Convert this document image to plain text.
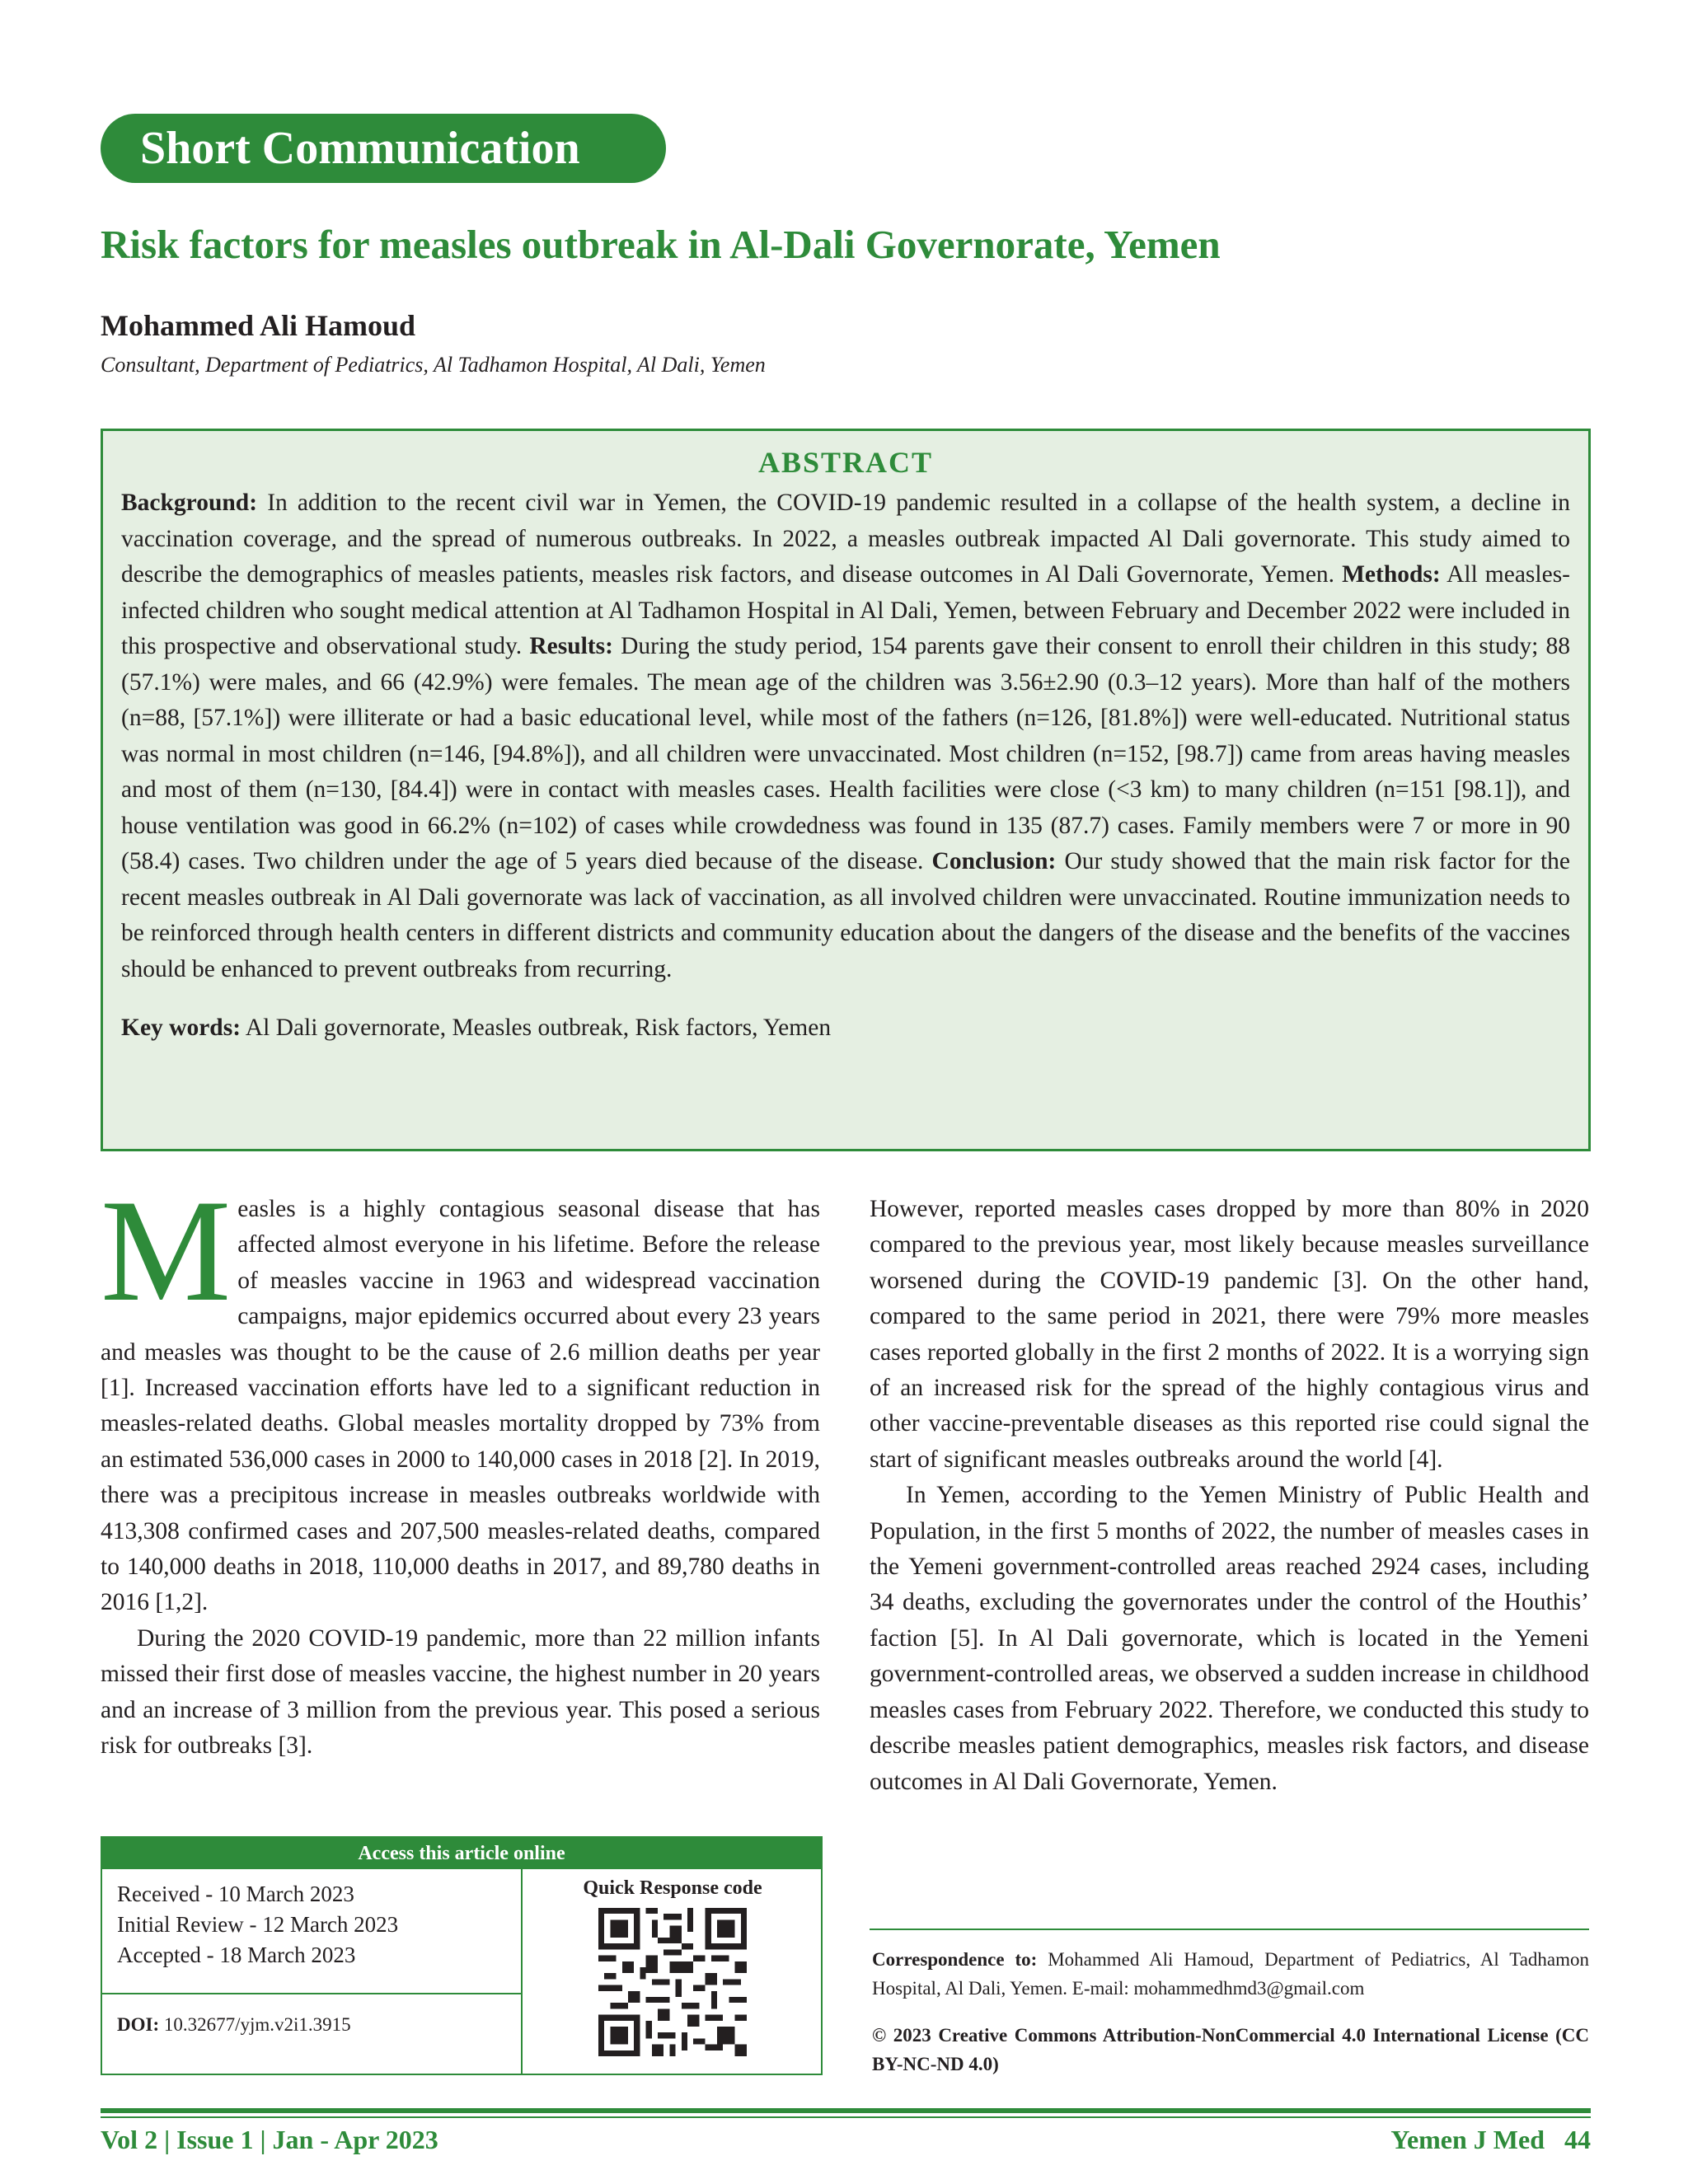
Short Communication
Risk factors for measles outbreak in Al-Dali Governorate, Yemen
Mohammed Ali Hamoud
Consultant, Department of Pediatrics, Al Tadhamon Hospital, Al Dali, Yemen
ABSTRACT
Background: In addition to the recent civil war in Yemen, the COVID-19 pandemic resulted in a collapse of the health system, a decline in vaccination coverage, and the spread of numerous outbreaks. In 2022, a measles outbreak impacted Al Dali governorate. This study aimed to describe the demographics of measles patients, measles risk factors, and disease outcomes in Al Dali Governorate, Yemen. Methods: All measles-infected children who sought medical attention at Al Tadhamon Hospital in Al Dali, Yemen, between February and December 2022 were included in this prospective and observational study. Results: During the study period, 154 parents gave their consent to enroll their children in this study; 88 (57.1%) were males, and 66 (42.9%) were females. The mean age of the children was 3.56±2.90 (0.3–12 years). More than half of the mothers (n=88, [57.1%]) were illiterate or had a basic educational level, while most of the fathers (n=126, [81.8%]) were well-educated. Nutritional status was normal in most children (n=146, [94.8%]), and all children were unvaccinated. Most children (n=152, [98.7]) came from areas having measles and most of them (n=130, [84.4]) were in contact with measles cases. Health facilities were close (<3 km) to many children (n=151 [98.1]), and house ventilation was good in 66.2% (n=102) of cases while crowdedness was found in 135 (87.7) cases. Family members were 7 or more in 90 (58.4) cases. Two children under the age of 5 years died because of the disease. Conclusion: Our study showed that the main risk factor for the recent measles outbreak in Al Dali governorate was lack of vaccination, as all involved children were unvaccinated. Routine immunization needs to be reinforced through health centers in different districts and community education about the dangers of the disease and the benefits of the vaccines should be enhanced to prevent outbreaks from recurring.
Key words: Al Dali governorate, Measles outbreak, Risk factors, Yemen

Measles is a highly contagious seasonal disease that has affected almost everyone in his lifetime. Before the release of measles vaccine in 1963 and widespread vaccination campaigns, major epidemics occurred about every 23 years and measles was thought to be the cause of 2.6 million deaths per year [1]. Increased vaccination efforts have led to a significant reduction in measles-related deaths. Global measles mortality dropped by 73% from an estimated 536,000 cases in 2000 to 140,000 cases in 2018 [2]. In 2019, there was a precipitous increase in measles outbreaks worldwide with 413,308 confirmed cases and 207,500 measles-related deaths, compared to 140,000 deaths in 2018, 110,000 deaths in 2017, and 89,780 deaths in 2016 [1,2].

During the 2020 COVID-19 pandemic, more than 22 million infants missed their first dose of measles vaccine, the highest number in 20 years and an increase of 3 million from the previous year. This posed a serious risk for outbreaks [3].

However, reported measles cases dropped by more than 80% in 2020 compared to the previous year, most likely because measles surveillance worsened during the COVID-19 pandemic [3]. On the other hand, compared to the same period in 2021, there were 79% more measles cases reported globally in the first 2 months of 2022. It is a worrying sign of an increased risk for the spread of the highly contagious virus and other vaccine-preventable diseases as this reported rise could signal the start of significant measles outbreaks around the world [4].

In Yemen, according to the Yemen Ministry of Public Health and Population, in the first 5 months of 2022, the number of measles cases in the Yemeni government-controlled areas reached 2924 cases, including 34 deaths, excluding the governorates under the control of the Houthis’ faction [5]. In Al Dali governorate, which is located in the Yemeni government-controlled areas, we observed a sudden increase in childhood measles cases from February 2022. Therefore, we conducted this study to describe measles patient demographics, measles risk factors, and disease outcomes in Al Dali Governorate, Yemen.

Access this article online
Received - 10 March 2023
Initial Review - 12 March 2023
Accepted - 18 March 2023
DOI: 10.32677/yjm.v2i1.3915
Quick Response code
Correspondence to: Mohammed Ali Hamoud, Department of Pediatrics, Al Tadhamon Hospital, Al Dali, Yemen. E-mail: mohammedhmd3@gmail.com
© 2023 Creative Commons Attribution-NonCommercial 4.0 International License (CC BY-NC-ND 4.0)
Vol 2 | Issue 1 | Jan - Apr 2023	Yemen J Med   44
